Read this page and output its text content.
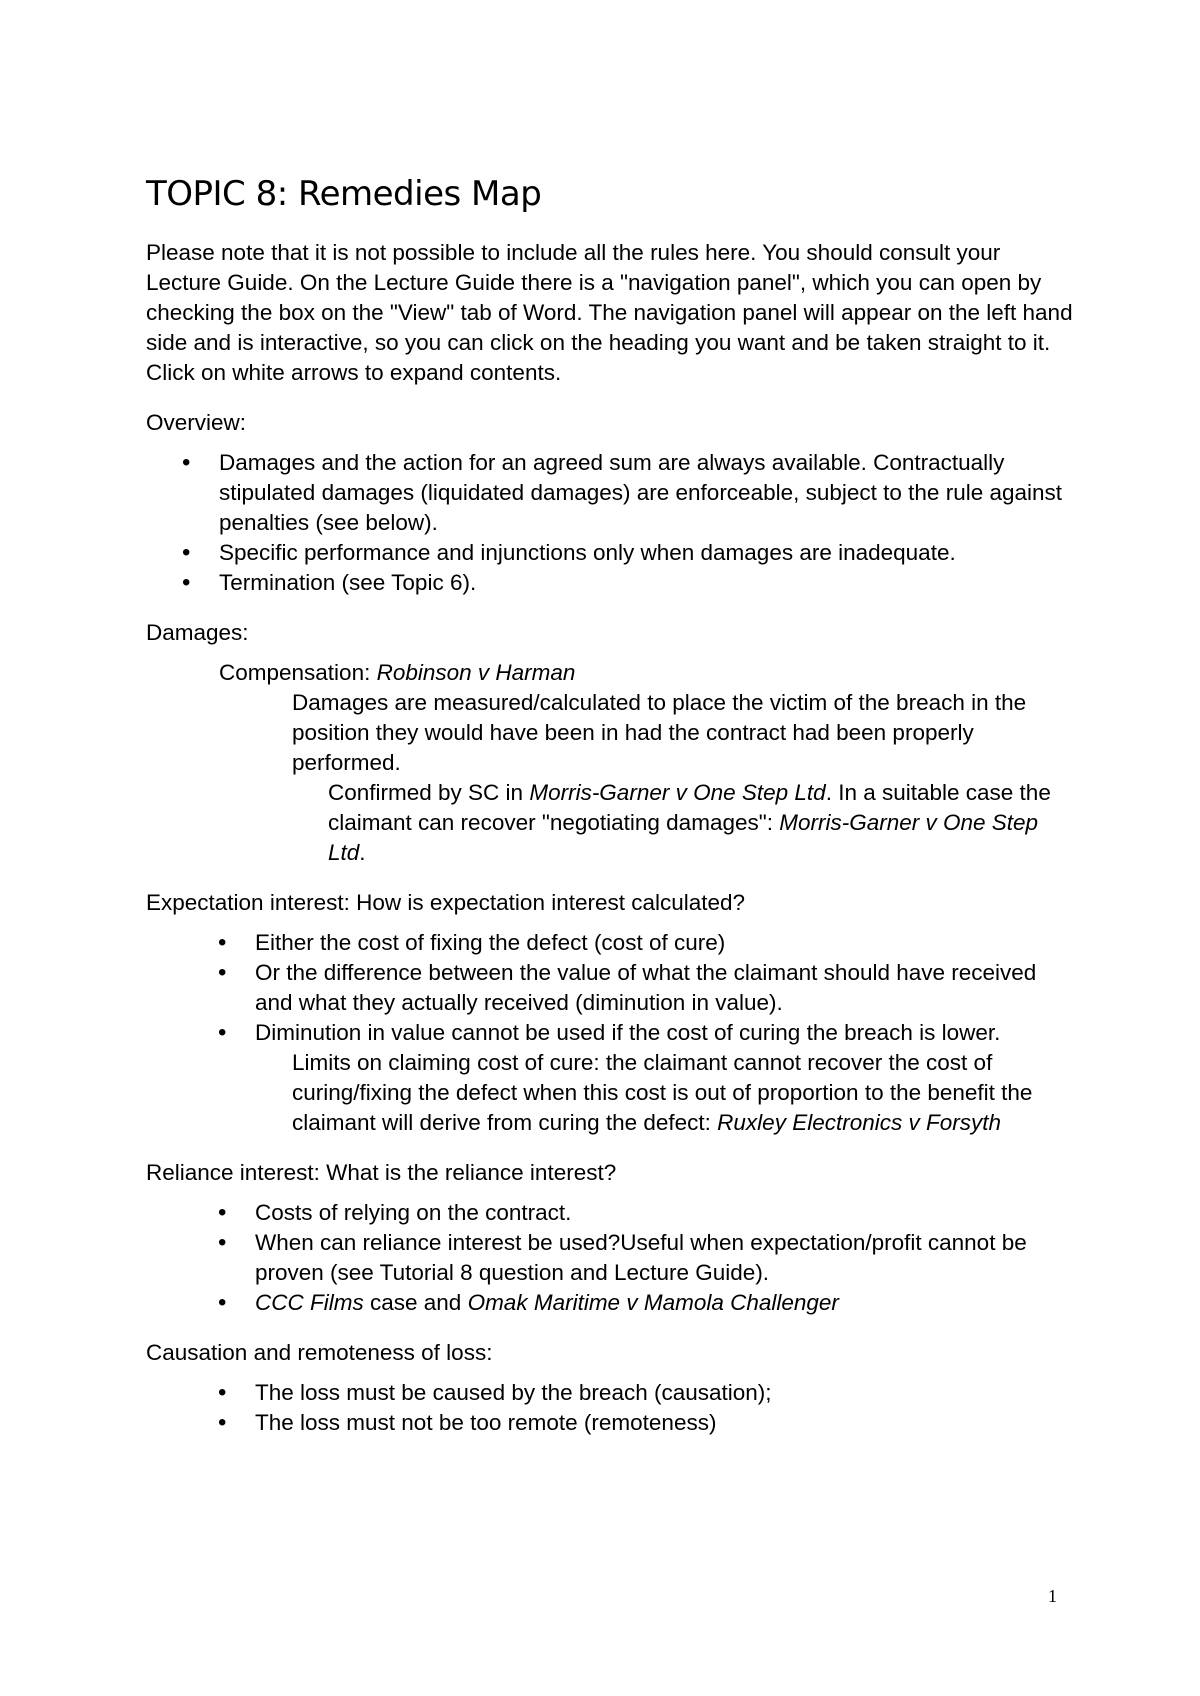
TOPIC 8: Remedies Map

Please note that it is not possible to include all the rules here. You should consult your Lecture Guide. On the Lecture Guide there is a "navigation panel", which you can open by checking the box on the "View" tab of Word. The navigation panel will appear on the left hand side and is interactive, so you can click on the heading you want and be taken straight to it. Click on white arrows to expand contents.

Overview:

• Damages and the action for an agreed sum are always available. Contractually stipulated damages (liquidated damages) are enforceable, subject to the rule against penalties (see below).
• Specific performance and injunctions only when damages are inadequate.
• Termination (see Topic 6).

Damages:

Compensation: Robinson v Harman

Damages are measured/calculated to place the victim of the breach in the position they would have been in had the contract had been properly performed.

Confirmed by SC in Morris-Garner v One Step Ltd. In a suitable case the claimant can recover "negotiating damages": Morris-Garner v One Step Ltd.

Expectation interest: How is expectation interest calculated?

• Either the cost of fixing the defect (cost of cure)
• Or the difference between the value of what the claimant should have received and what they actually received (diminution in value).
• Diminution in value cannot be used if the cost of curing the breach is lower.

Limits on claiming cost of cure: the claimant cannot recover the cost of curing/fixing the defect when this cost is out of proportion to the benefit the claimant will derive from curing the defect: Ruxley Electronics v Forsyth

Reliance interest: What is the reliance interest?

• Costs of relying on the contract.
• When can reliance interest be used?Useful when expectation/profit cannot be proven (see Tutorial 8 question and Lecture Guide).
• CCC Films case and Omak Maritime v Mamola Challenger

Causation and remoteness of loss:

• The loss must be caused by the breach (causation);
• The loss must not be too remote (remoteness)
1
